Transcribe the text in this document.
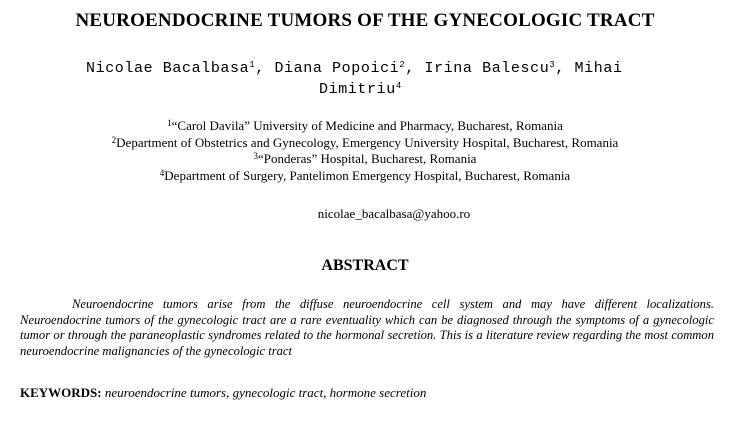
NEUROENDOCRINE TUMORS OF THE GYNECOLOGIC TRACT
Nicolae Bacalbasa$^1$, Diana Popoici$^2$, Irina Balescu$^3$, Mihai
Dimitriu$^4$
$^1$“Carol Davila” University of Medicine and Pharmacy, Bucharest, Romania
$^2$Department of Obstetrics and Gynecology, Emergency University Hospital, Bucharest, Romania
$^3$“Ponderas” Hospital, Bucharest, Romania
$^4$Department of Surgery, Pantelimon Emergency Hospital, Bucharest, Romania
nicolae_bacalbasa@yahoo.ro
ABSTRACT
Neuroendocrine tumors arise from the diffuse neuroendocrine cell system and may have different localizations. Neuroendocrine tumors of the gynecologic tract are a rare eventuality which can be diagnosed through the symptoms of a gynecologic tumor or through the paraneoplastic syndromes related to the hormonal secretion. This is a literature review regarding the most common neuroendocrine malignancies of the gynecologic tract
KEYWORDS: neuroendocrine tumors, gynecologic tract, hormone secretion
